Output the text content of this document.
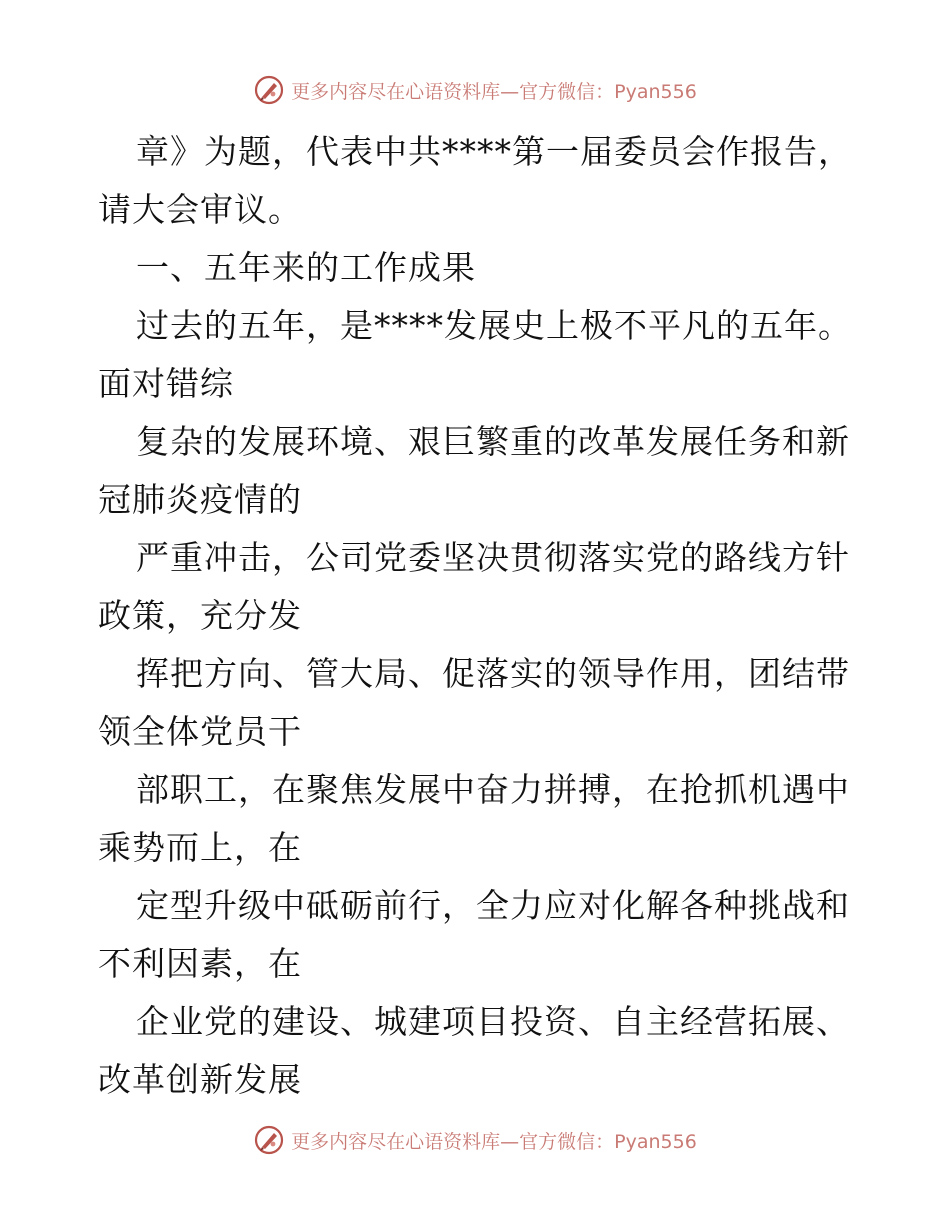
更多内容尽在心语资料库—官方微信：Pyan556
章》为题，代表中共****第一届委员会作报告，
请大会审议。
一、五年来的工作成果
过去的五年，是****发展史上极不平凡的五年。
面对错综
复杂的发展环境、艰巨繁重的改革发展任务和新
冠肺炎疫情的
严重冲击，公司党委坚决贯彻落实党的路线方针
政策，充分发
挥把方向、管大局、促落实的领导作用，团结带
领全体党员干
部职工，在聚焦发展中奋力拼搏，在抢抓机遇中
乘势而上，在
定型升级中砥砺前行，全力应对化解各种挑战和
不利因素，在
企业党的建设、城建项目投资、自主经营拓展、
改革创新发展
更多内容尽在心语资料库—官方微信：Pyan556
